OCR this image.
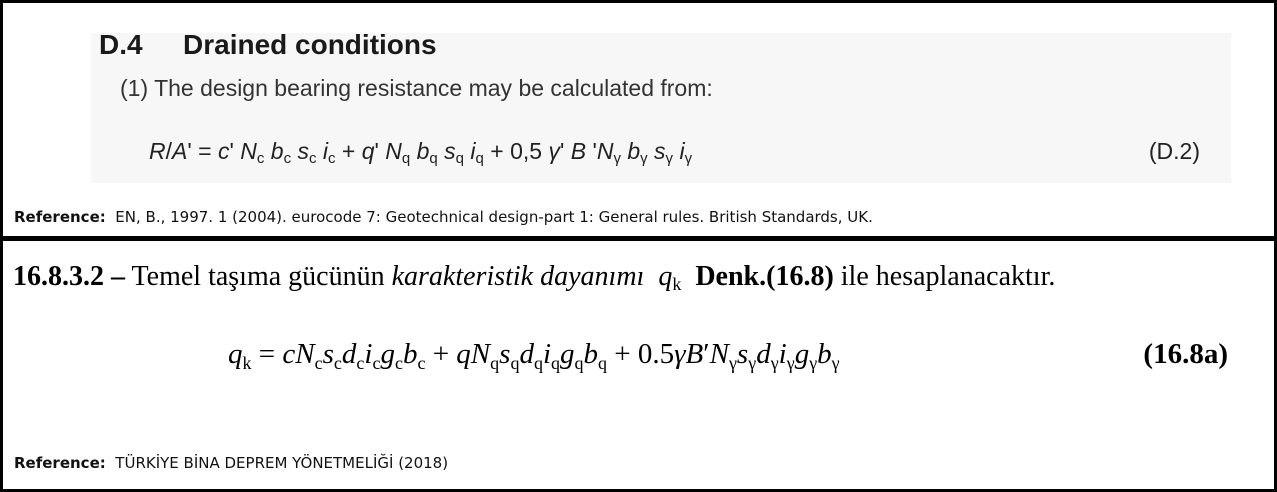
D.4 Drained conditions

(1) The design bearing resistance may be calculated from:

R/A' = c' $N_c$ $b_c$ $s_c$ $i_c + q'$ $N_q$ $b_q$ $s_q$ $i_q + 0,5$ γ' B '$N_\gamma$ $b_\gamma$ $s_\gamma$ $i_\gamma$	(D.2)

Reference: EN, B., 1997. 1 (2004). eurocode 7: Geotechnical design-part 1: General rules. British Standards, UK.

16.8.3.2 – Temel taşıma gücünün karakteristik dayanımı $q_k$ Denk.(16.8) ile hesaplanacaktır.

$q_k = cN_cs_cd_ci_cg_cb_c + qN_qs_qd_qi_qg_qb_q + 0.5\gamma B'N_\gamma s_\gamma d_\gamma i_\gamma g_\gamma b_\gamma$	(16.8a)

Reference: TÜRKİYE BİNA DEPREM YÖNETMELİĞİ (2018)
